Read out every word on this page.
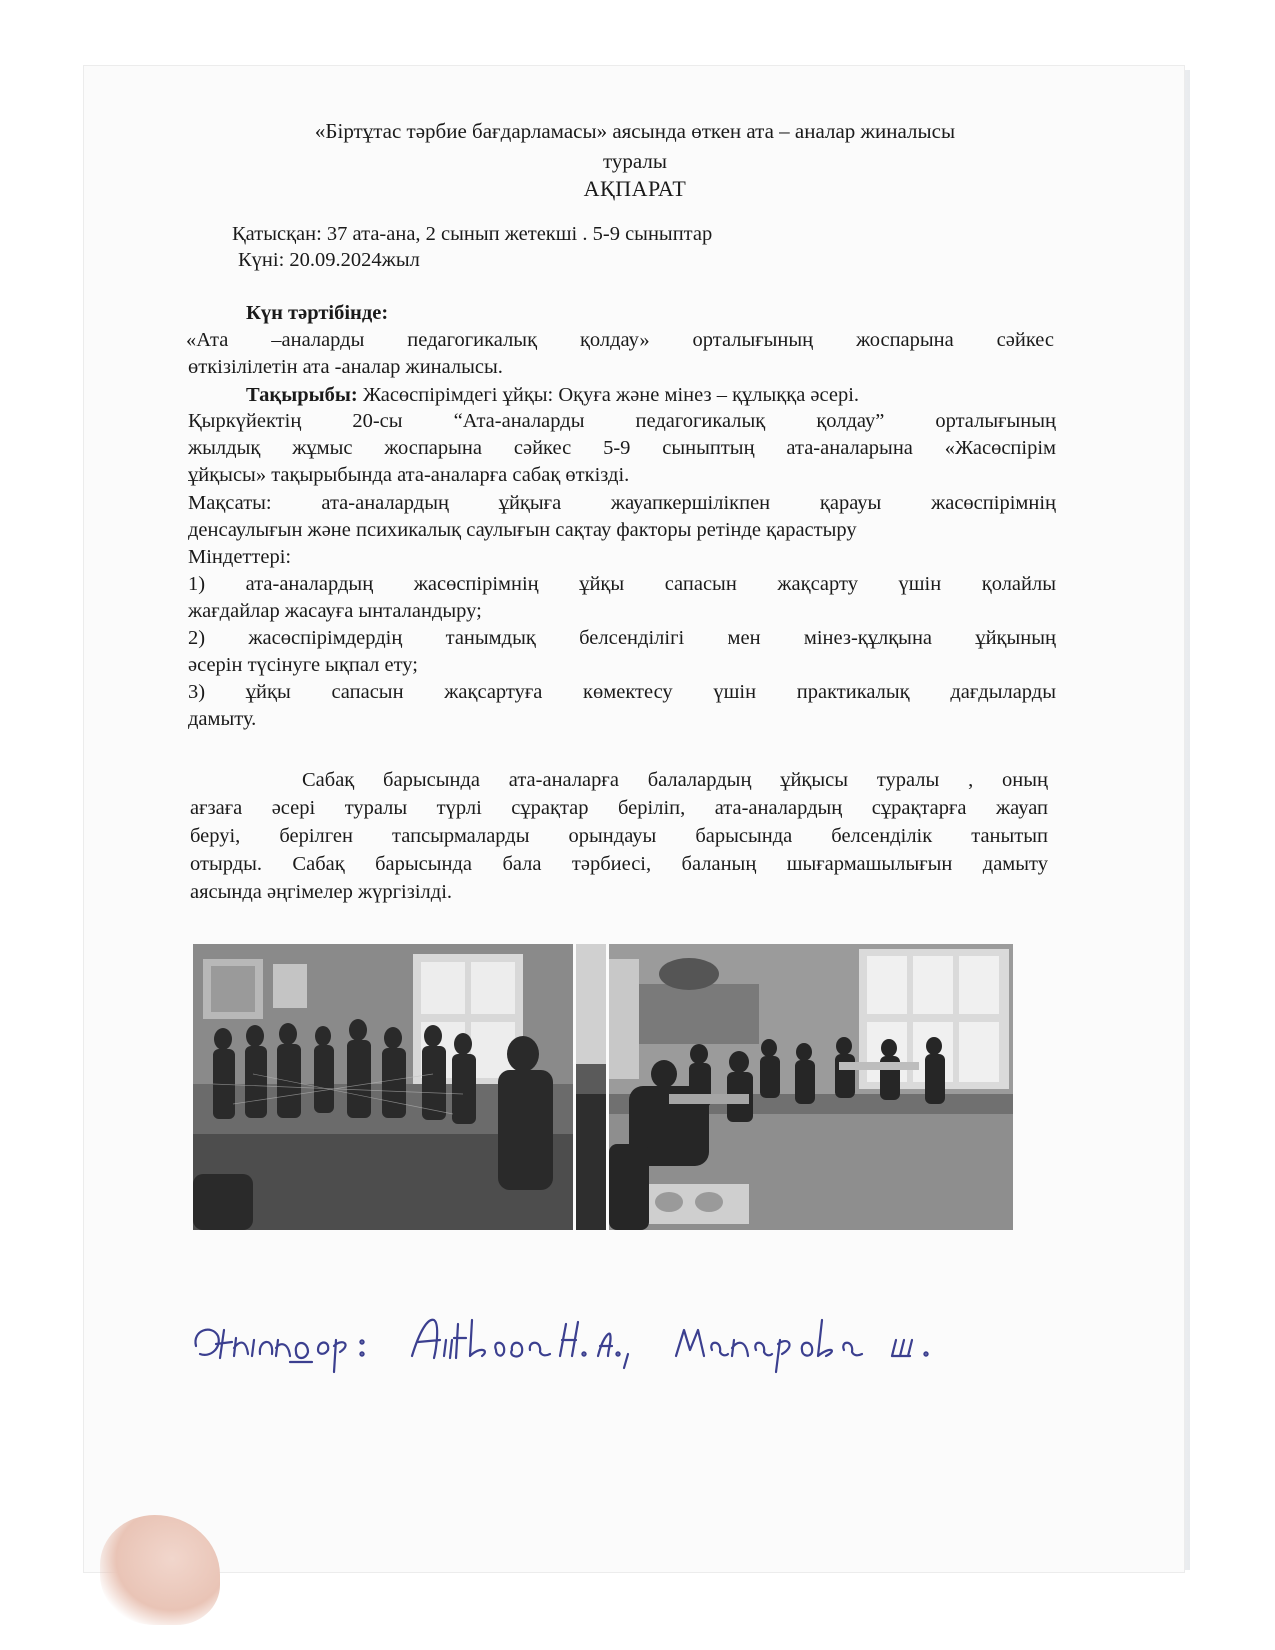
«Біртұтас тәрбие бағдарламасы» аясында өткен ата – аналар жиналысы
туралы
АҚПАРАТ
Қатысқан: 37 ата-ана, 2 сынып жетекші . 5-9 сыныптар
Күні: 20.09.2024жыл
Күн тәртібінде:
«Ата –аналарды педагогикалық қолдау» орталығының жоспарына сәйкес
өткізілілетін ата -аналар жиналысы.
Тақырыбы: Жасөспірімдегі ұйқы: Оқуға және мінез – құлыққа әсері.
Қыркүйектің 20-сы “Ата-аналарды педагогикалық қолдау” орталығының
жылдық жұмыс жоспарына сәйкес 5-9 сыныптың ата-аналарына «Жасөспірім
ұйқысы» тақырыбында ата-аналарға сабақ өткізді.
Мақсаты: ата-аналардың ұйқыға жауапкершілікпен қарауы жасөспірімнің
денсаулығын және психикалық саулығын сақтау факторы ретінде қарастыру
Міндеттері:
1) ата-аналардың жасөспірімнің ұйқы сапасын жақсарту үшін қолайлы
жағдайлар жасауға ынталандыру;
2) жасөспірімдердің танымдық белсенділігі мен мінез-құлқына ұйқының
әсерін түсінуге ықпал ету;
3) ұйқы сапасын жақсартуға көмектесу үшін практикалық дағдыларды
дамыту.
Сабақ барысында ата-аналарға балалардың ұйқысы туралы , оның
ағзаға әсері туралы түрлі сұрақтар беріліп, ата-аналардың сұрақтарға жауап
беруі, берілген тапсырмаларды орындауы барысында белсенділік танытып
отырды. Сабақ барысында бала тәрбиесі, баланың шығармашылығын дамыту
аясында әңгімелер жүргізілді.
